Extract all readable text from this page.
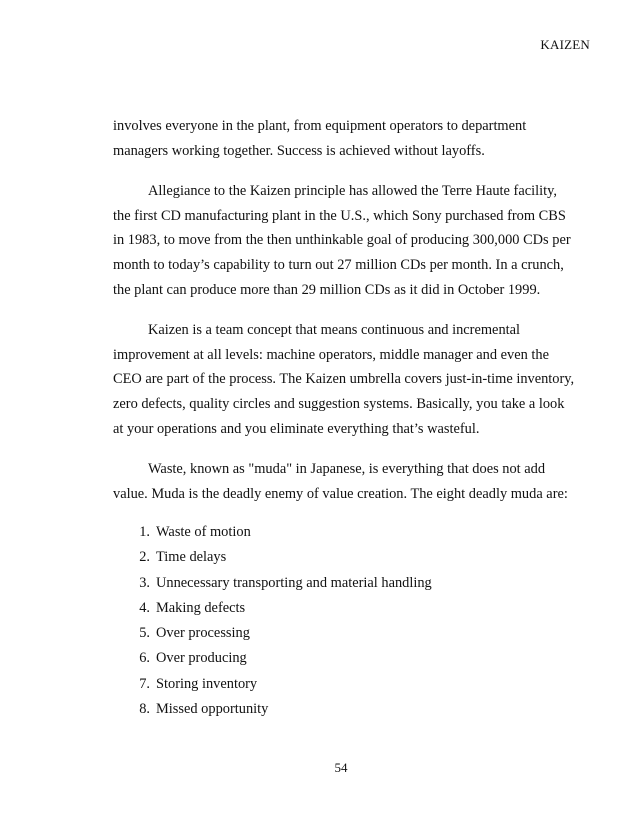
KAIZEN

involves everyone in the plant, from equipment operators to department
managers working together. Success is achieved without layoffs.

Allegiance to the Kaizen principle has allowed the Terre Haute facility,
the first CD manufacturing plant in the U.S., which Sony purchased from CBS
in 1983, to move from the then unthinkable goal of producing 300,000 CDs per
month to today’s capability to turn out 27 million CDs per month. In a crunch,
the plant can produce more than 29 million CDs as it did in October 1999.

Kaizen is a team concept that means continuous and incremental
improvement at all levels: machine operators, middle manager and even the
CEO are part of the process. The Kaizen umbrella covers just-in-time inventory,
zero defects, quality circles and suggestion systems. Basically, you take a look
at your operations and you eliminate everything that’s wasteful.

Waste, known as "muda" in Japanese, is everything that does not add
value. Muda is the deadly enemy of value creation. The eight deadly muda are:

1. Waste of motion
2. Time delays
3. Unnecessary transporting and material handling
4. Making defects
5. Over processing
6. Over producing
7. Storing inventory
8. Missed opportunity
54
